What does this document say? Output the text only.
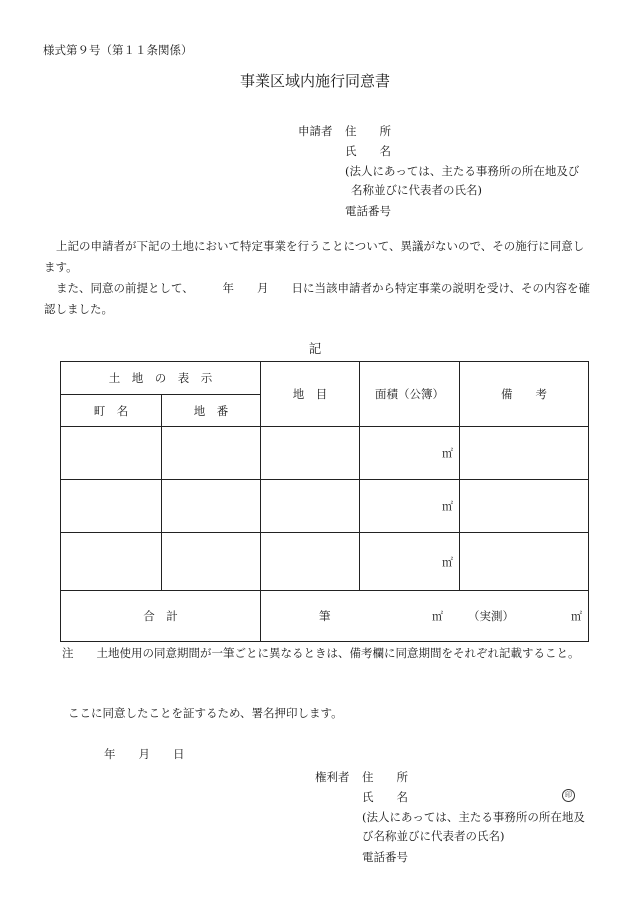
様式第９号（第１１条関係）
事業区域内施行同意書
申請者 住　　所
氏　　名
(法人にあっては、主たる事務所の所在地及び
名称並びに代表者の氏名)
電話番号

上記の申請者が下記の土地において特定事業を行うことについて、異議がないので、その施行に同意します。

また、同意の前提として、　　　年　　月　　日に当該申請者から特定事業の説明を受け、その内容を確認しました。

記
土　地　の　表　示		地　目	面積（公簿）	備　　考
町　名	地　番			
			㎡	
			㎡	
			㎡	
合　計		筆 ㎡ （実測） ㎡		
注　　土地使用の同意期間が一筆ごとに異なるときは、備考欄に同意期間をそれぞれ記載すること。
ここに同意したことを証するため、署名押印します。
年　　月　　日
権利者 住　　所
氏　　名	印
(法人にあっては、主たる事務所の所在地及
び名称並びに代表者の氏名)
電話番号
